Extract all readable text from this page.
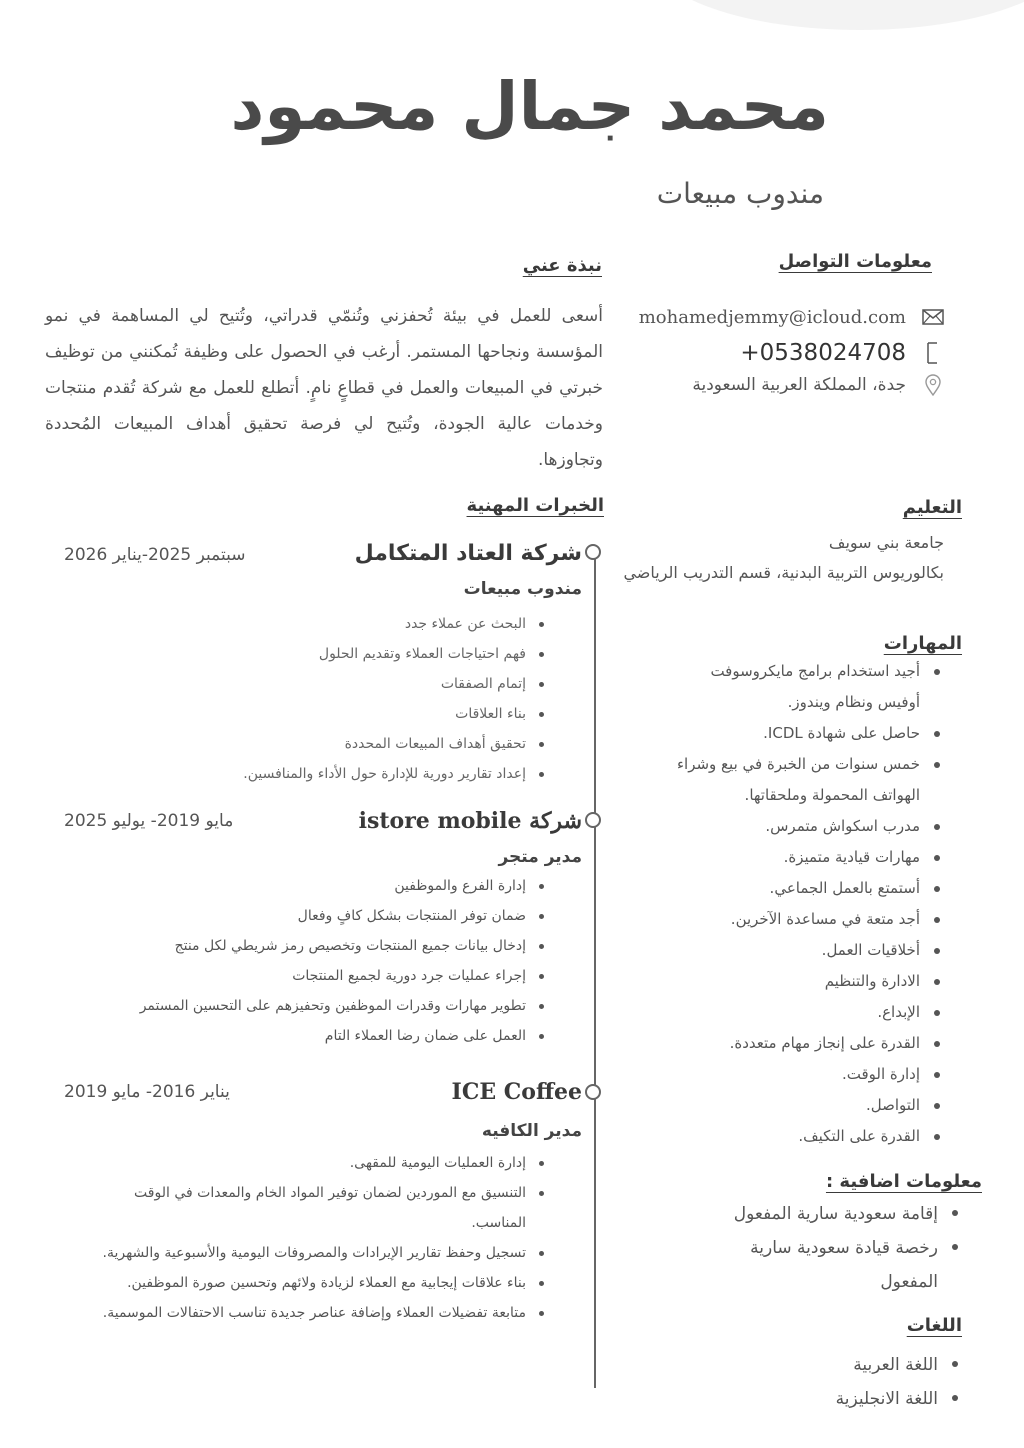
محمد جمال محمود
مندوب مبيعات
معلومات التواصل
mohamedjemmy@icloud.com
+0538024708
جدة، المملكة العربية السعودية
نبذة عني

أسعى للعمل في بيئة تُحفزني وتُنمّي قدراتي، وتُتيح لي المساهمة في نمو المؤسسة ونجاحها المستمر. أرغب في الحصول على وظيفة تُمكنني من توظيف خبرتي في المبيعات والعمل في قطاعٍ نامٍ. أتطلع للعمل مع شركة تُقدم منتجات وخدمات عالية الجودة، وتُتيح لي فرصة تحقيق أهداف المبيعات المُحددة وتجاوزها.

التعليم
جامعة بني سويف
بكالوريوس التربية البدنية، قسم التدريب الرياضي
المهارات
أجيد استخدام برامج مايكروسوفت أوفيس ونظام ويندوز.
حاصل على شهادة ICDL.
خمس سنوات من الخبرة في بيع وشراء الهواتف المحمولة وملحقاتها.
مدرب اسكواش متمرس.
مهارات قيادية متميزة.
أستمتع بالعمل الجماعي.
أجد متعة في مساعدة الآخرين.
أخلاقيات العمل.
الادارة والتنظيم
الإبداع.
القدرة على إنجاز مهام متعددة.
إدارة الوقت.
التواصل.
القدرة على التكيف.
معلومات اضافية :
إقامة سعودية سارية المفعول
رخصة قيادة سعودية سارية المفعول
اللغات
اللغة العربية
اللغة الانجليزية
الخبرات المهنية
شركة العتاد المتكامل
سبتمبر 2025-يناير 2026
مندوب مبيعات
البحث عن عملاء جدد
فهم احتياجات العملاء وتقديم الحلول
إتمام الصفقات
بناء العلاقات
تحقيق أهداف المبيعات المحددة
إعداد تقارير دورية للإدارة حول الأداء والمنافسين.
شركة istore mobile
مايو 2019- يوليو 2025
مدير متجر
إدارة الفرع والموظفين
ضمان توفر المنتجات بشكل كافٍ وفعال
إدخال بيانات جميع المنتجات وتخصيص رمز شريطي لكل منتج
إجراء عمليات جرد دورية لجميع المنتجات
تطوير مهارات وقدرات الموظفين وتحفيزهم على التحسين المستمر
العمل على ضمان رضا العملاء التام
ICE Coffee
يناير 2016- مايو 2019
مدير الكافيه
إدارة العمليات اليومية للمقهى.
التنسيق مع الموردين لضمان توفير المواد الخام والمعدات في الوقت المناسب.
تسجيل وحفظ تقارير الإيرادات والمصروفات اليومية والأسبوعية والشهرية.
بناء علاقات إيجابية مع العملاء لزيادة ولائهم وتحسين صورة الموظفين.
متابعة تفضيلات العملاء وإضافة عناصر جديدة تناسب الاحتفالات الموسمية.
